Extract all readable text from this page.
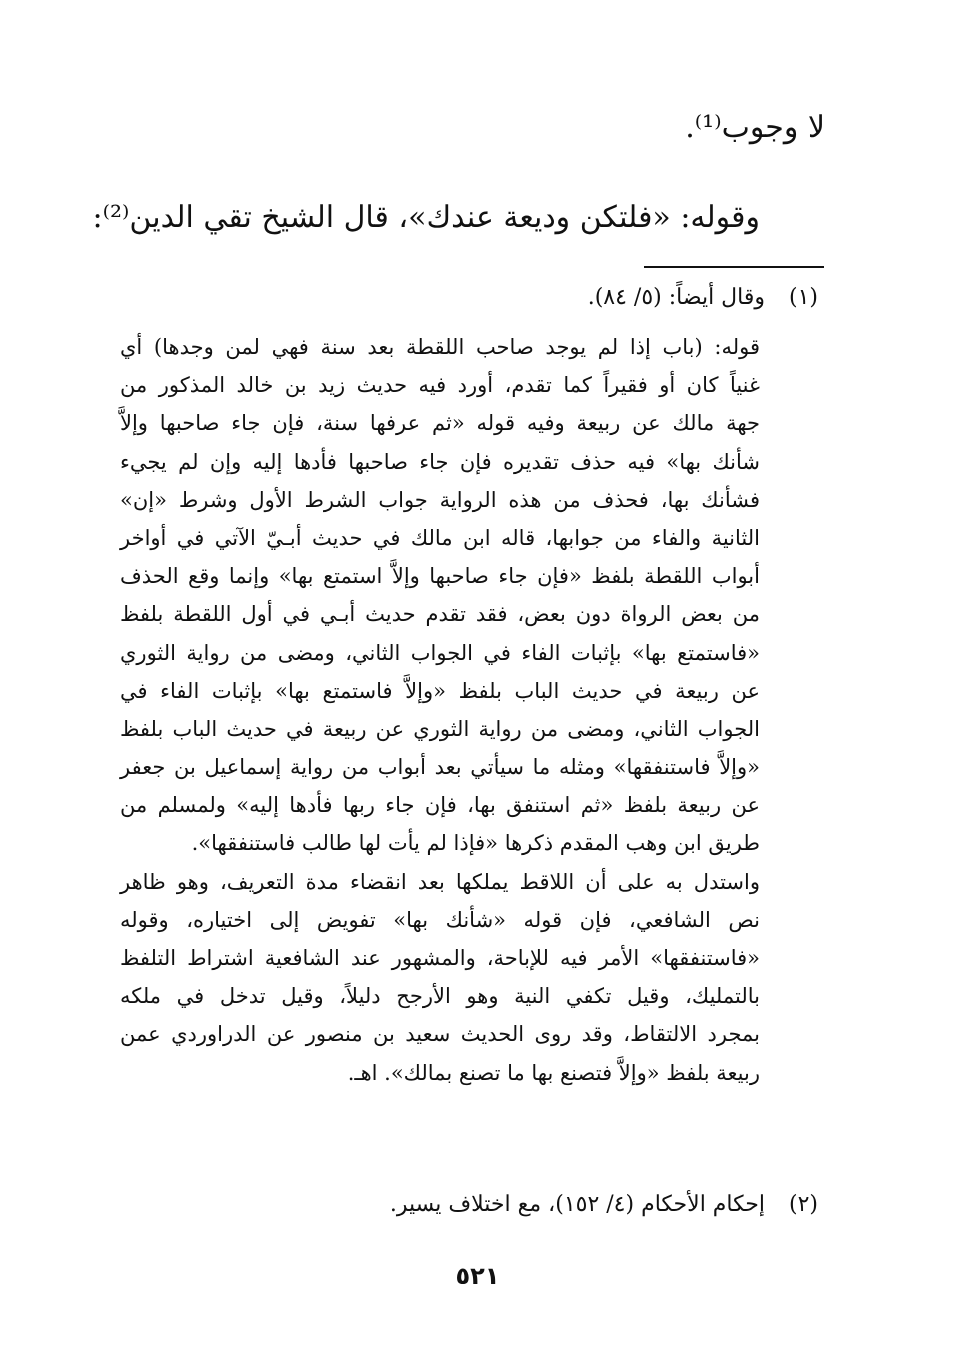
لا وجوب⁽¹⁾.
وقوله: «فلتكن وديعة عندك»، قال الشيخ تقي الدين⁽²⁾:
(١)
وقال أيضاً: (٥/ ٨٤).
قوله: (باب إذا لم يوجد صاحب اللقطة بعد سنة فهي لمن وجدها) أي
غنياً كان أو فقيراً كما تقدم، أورد فيه حديث زيد بن خالد المذكور من
جهة مالك عن ربيعة وفيه قوله «ثم عرفها سنة، فإن جاء صاحبها وإلاَّ
شأنك بها» فيه حذف تقديره فإن جاء صاحبها فأدها إليه وإن لم يجيء
فشأنك بها، فحذف من هذه الرواية جواب الشرط الأول وشرط «إن»
الثانية والفاء من جوابها، قاله ابن مالك في حديث أبـيّ الآتي في أواخر
أبواب اللقطة بلفظ «فإن جاء صاحبها وإلاَّ استمتع بها» وإنما وقع الحذف
من بعض الرواة دون بعض، فقد تقدم حديث أبـي في أول اللقطة بلفظ
«فاستمتع بها» بإثبات الفاء في الجواب الثاني، ومضى من رواية الثوري
عن ربيعة في حديث الباب بلفظ «وإلاَّ فاستمتع بها» بإثبات الفاء في
الجواب الثاني، ومضى من رواية الثوري عن ربيعة في حديث الباب بلفظ
«وإلاَّ فاستنفقها» ومثله ما سيأتي بعد أبواب من رواية إسماعيل بن جعفر
عن ربيعة بلفظ «ثم استنفق بها، فإن جاء ربها فأدها إليه» ولمسلم من
طريق ابن وهب المقدم ذكرها «فإذا لم يأت لها طالب فاستنفقها».
واستدل به على أن اللاقط يملكها بعد انقضاء مدة التعريف، وهو ظاهر
نص الشافعي، فإن قوله «شأنك بها» تفويض إلى اختياره، وقوله
«فاستنفقها» الأمر فيه للإباحة، والمشهور عند الشافعية اشتراط التلفظ
بالتمليك، وقيل تكفي النية وهو الأرجح دليلاً، وقيل تدخل في ملكه
بمجرد الالتقاط، وقد روى الحديث سعيد بن منصور عن الدراوردي عمن
ربيعة بلفظ «وإلاَّ فتصنع بها ما تصنع بمالك». اهـ.
(٢)
إحكام الأحكام (٤/ ١٥٢)، مع اختلاف يسير.
٥٢١
